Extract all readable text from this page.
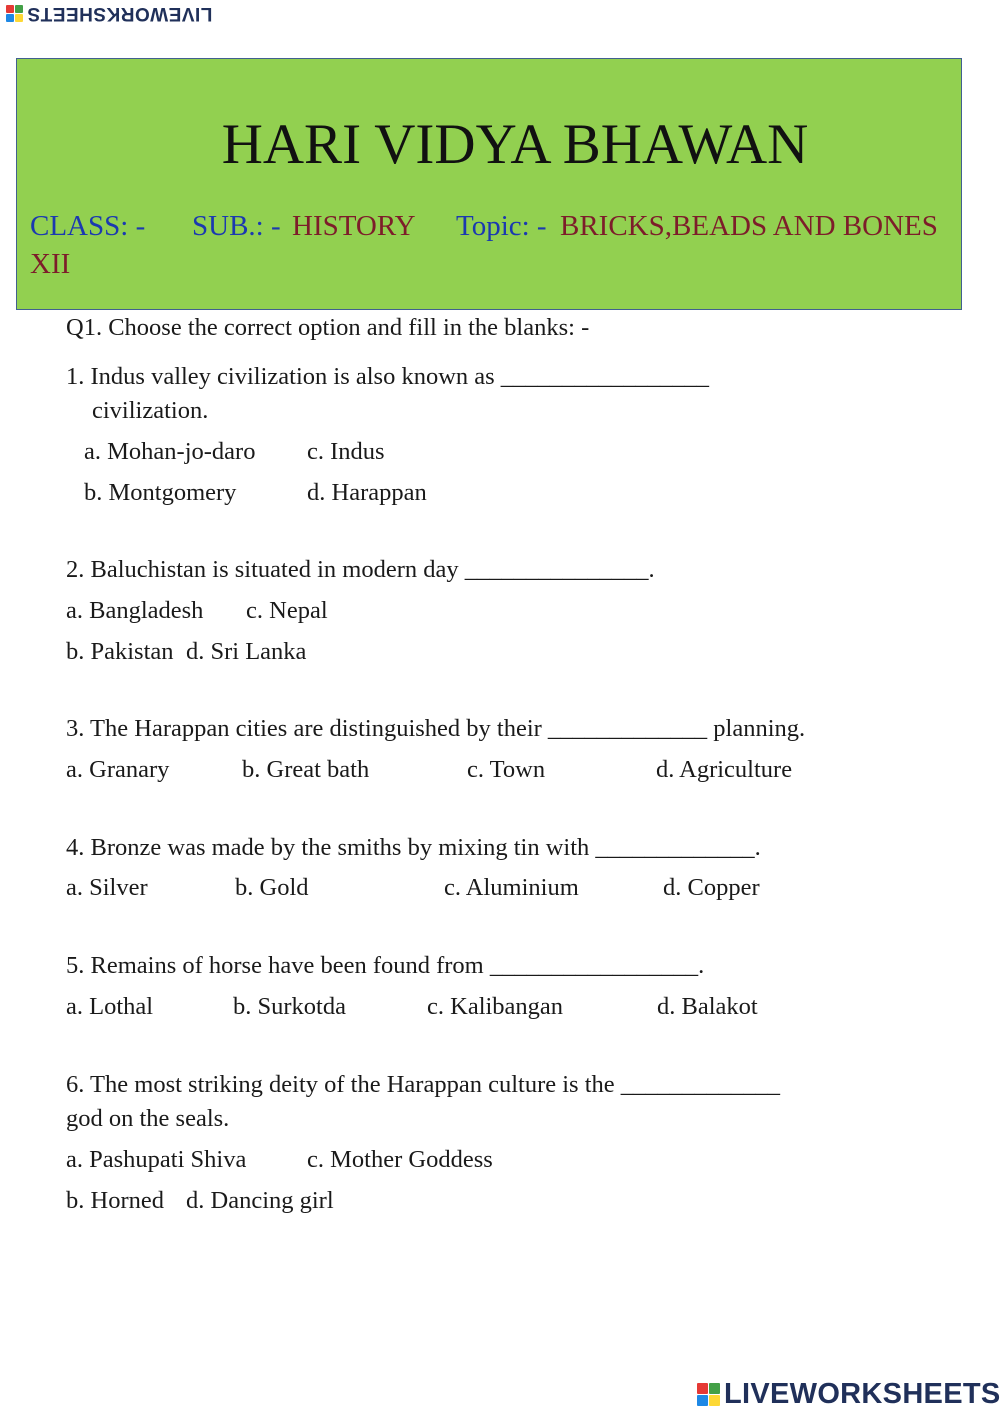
LIVEWORKSHEETS
HARI VIDYA BHAWAN
CLASS: -
XII
SUB.: - HISTORY Topic: - BRICKS,BEADS AND BONES
Q1. Choose the correct option and fill in the blanks: -
1. Indus valley civilization is also known as _________________
civilization.
a. Mohan-jo-daro c. Indus
b. Montgomery	d. Harappan
2. Baluchistan is situated in modern day _______________.
a. Bangladesh c. Nepal
b. Pakistan d. Sri Lanka
3. The Harappan cities are distinguished by their _____________ planning.
a. Granary	b. Great bath	c. Town	d. Agriculture
4. Bronze was made by the smiths by mixing tin with _____________.
a. Silver	b. Gold	c. Aluminium	d. Copper
5. Remains of horse have been found from _________________.
a. Lothal	b. Surkotda	c. Kalibangan	d. Balakot
6. The most striking deity of the Harappan culture is the _____________
god on the seals.
a. Pashupati Shiva c. Mother Goddess
b. Horned d. Dancing girl
LIVEWORKSHEETS
